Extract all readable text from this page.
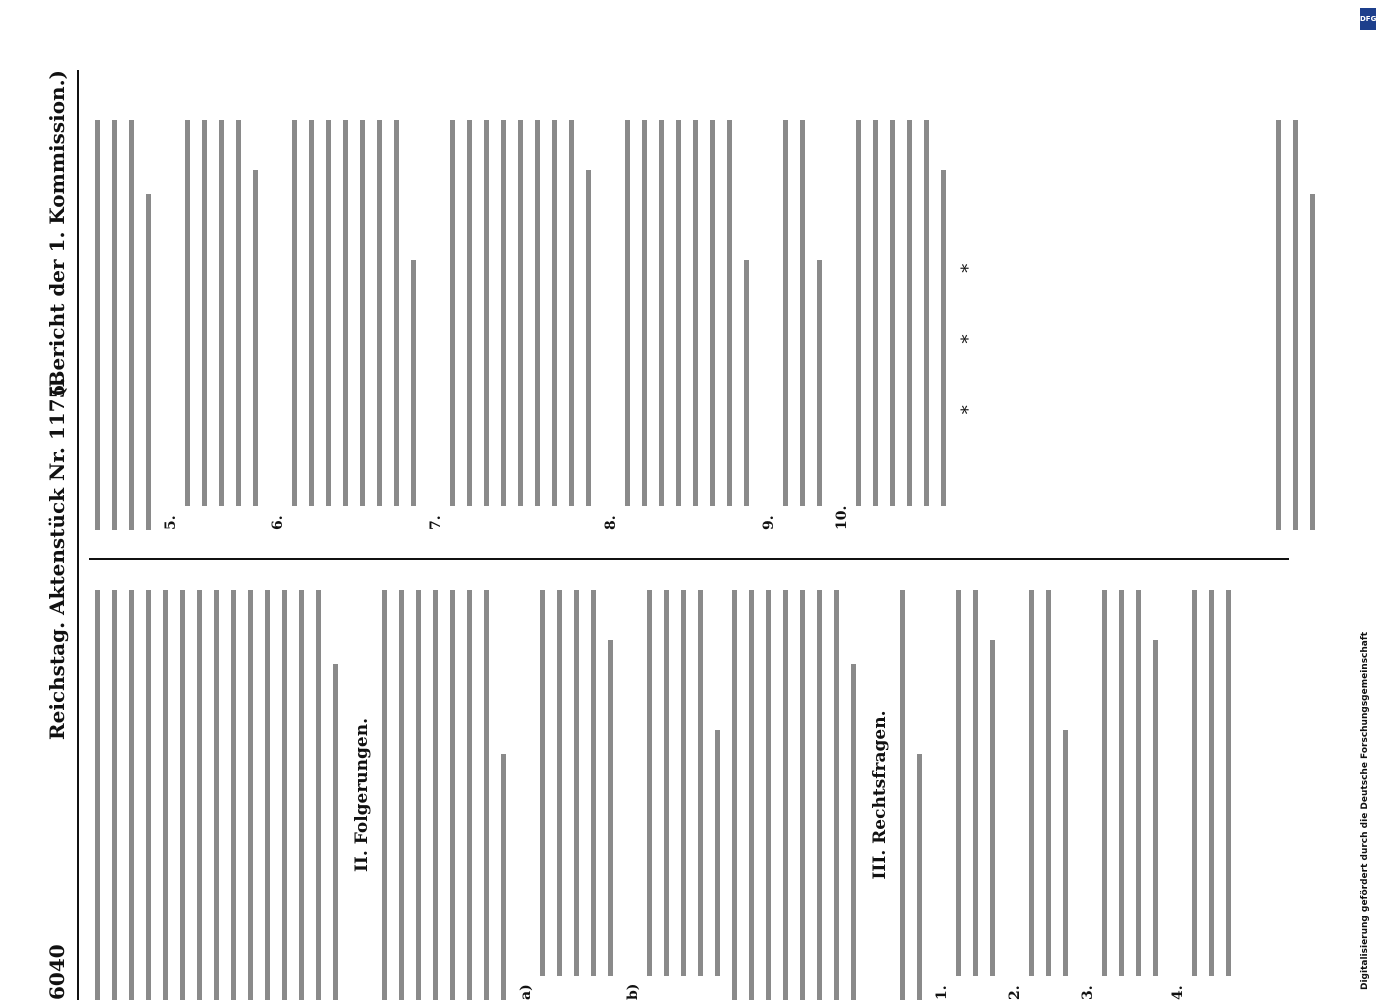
6040
Reichstag. Aktenstück Nr. 1175.
(Bericht der 1. Kommission.)
II. Folgerungen.
a)	b)
III. Rechtsfragen.
1.	2.	3.	4.
5.	6.	7.	8.	9.	10.
* * *
DFG
Digitalisierung gefördert durch die Deutsche Forschungsgemeinschaft
